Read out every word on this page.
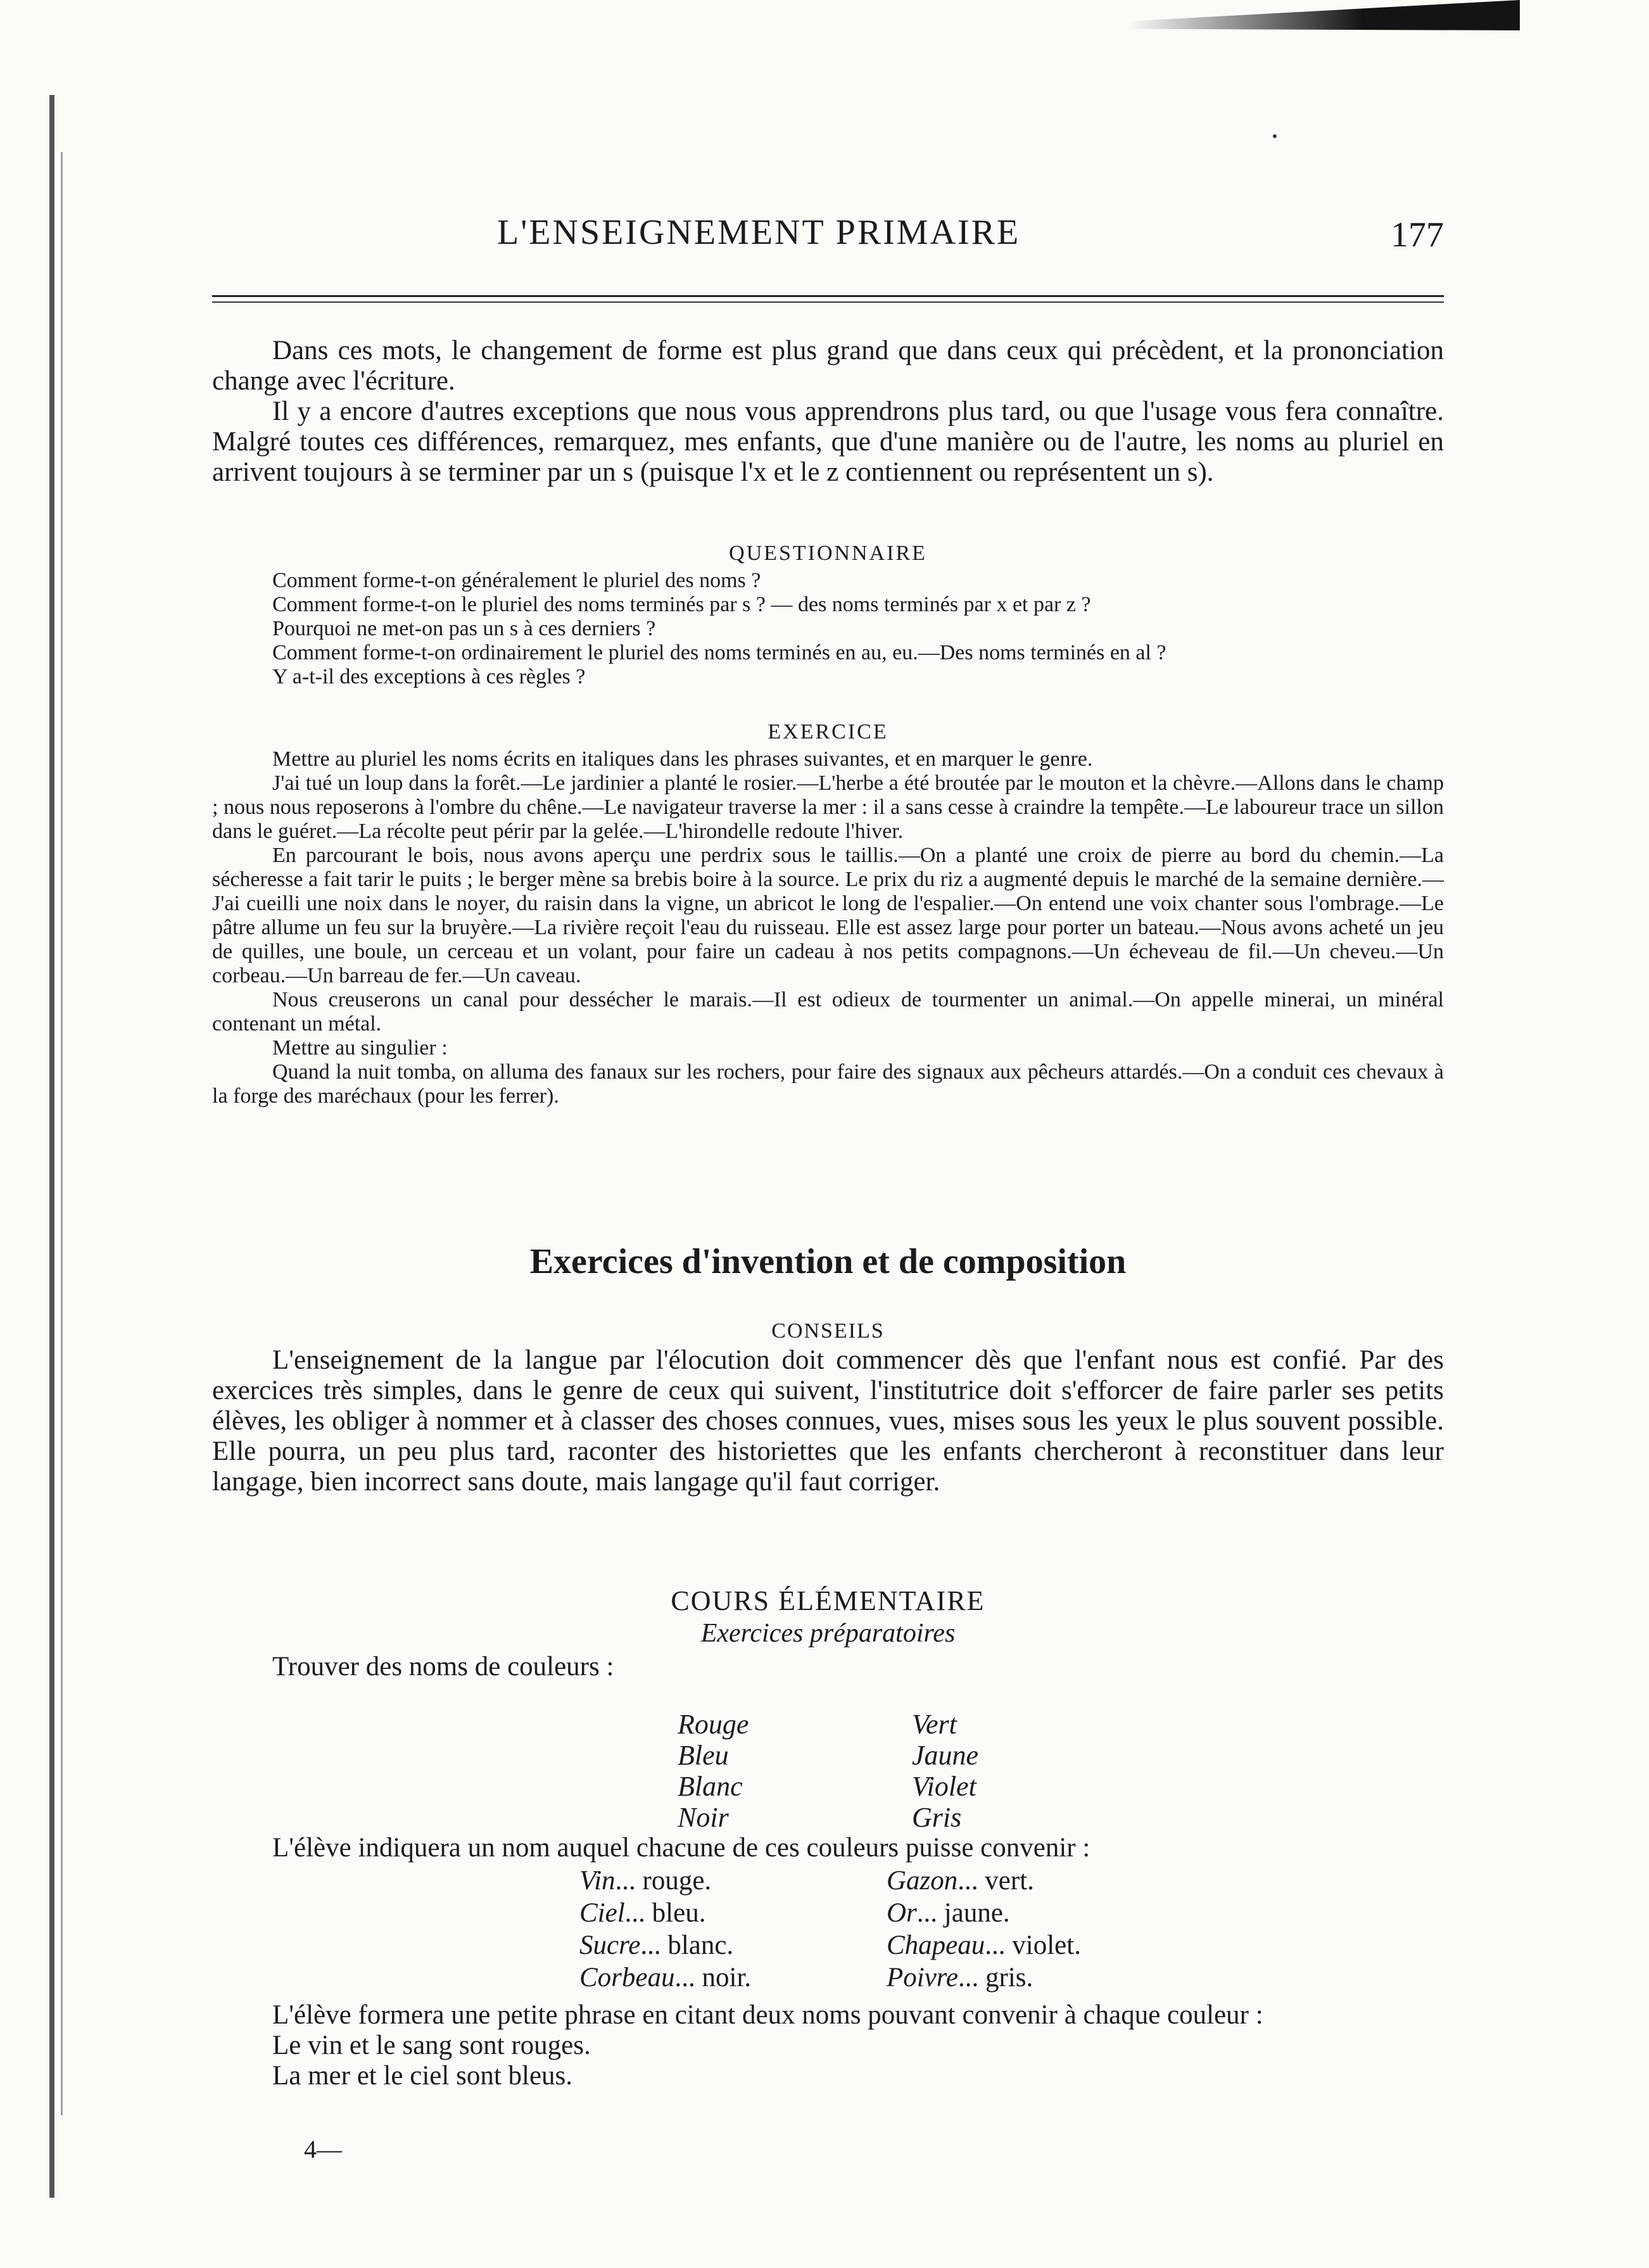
L'ENSEIGNEMENT PRIMAIRE	177

Dans ces mots, le changement de forme est plus grand que dans ceux qui précèdent, et la prononciation change avec l'écriture.

Il y a encore d'autres exceptions que nous vous apprendrons plus tard, ou que l'usage vous fera connaître. Malgré toutes ces différences, remarquez, mes enfants, que d'une manière ou de l'autre, les noms au pluriel en arrivent toujours à se terminer par un s (puisque l'x et le z contiennent ou représentent un s).

QUESTIONNAIRE

Comment forme-t-on généralement le pluriel des noms ?

Comment forme-t-on le pluriel des noms terminés par s ? — des noms terminés par x et par z ?

Pourquoi ne met-on pas un s à ces derniers ?

Comment forme-t-on ordinairement le pluriel des noms terminés en au, eu.—Des noms terminés en al ?

Y a-t-il des exceptions à ces règles ?

EXERCICE

Mettre au pluriel les noms écrits en italiques dans les phrases suivantes, et en marquer le genre.

J'ai tué un loup dans la forêt.—Le jardinier a planté le rosier.—L'herbe a été broutée par le mouton et la chèvre.—Allons dans le champ ; nous nous reposerons à l'ombre du chêne.—Le navigateur traverse la mer : il a sans cesse à craindre la tempête.—Le laboureur trace un sillon dans le guéret.—La récolte peut périr par la gelée.—L'hirondelle redoute l'hiver.

En parcourant le bois, nous avons aperçu une perdrix sous le taillis.—On a planté une croix de pierre au bord du chemin.—La sécheresse a fait tarir le puits ; le berger mène sa brebis boire à la source. Le prix du riz a augmenté depuis le marché de la semaine dernière.—J'ai cueilli une noix dans le noyer, du raisin dans la vigne, un abricot le long de l'espalier.—On entend une voix chanter sous l'ombrage.—Le pâtre allume un feu sur la bruyère.—La rivière reçoit l'eau du ruisseau. Elle est assez large pour porter un bateau.—Nous avons acheté un jeu de quilles, une boule, un cerceau et un volant, pour faire un cadeau à nos petits compagnons.—Un écheveau de fil.—Un cheveu.—Un corbeau.—Un barreau de fer.—Un caveau.

Nous creuserons un canal pour dessécher le marais.—Il est odieux de tourmenter un animal.—On appelle minerai, un minéral contenant un métal.

Mettre au singulier :

Quand la nuit tomba, on alluma des fanaux sur les rochers, pour faire des signaux aux pêcheurs attardés.—On a conduit ces chevaux à la forge des maréchaux (pour les ferrer).

Exercices d'invention et de composition
CONSEILS

L'enseignement de la langue par l'élocution doit commencer dès que l'enfant nous est confié. Par des exercices très simples, dans le genre de ceux qui suivent, l'institutrice doit s'efforcer de faire parler ses petits élèves, les obliger à nommer et à classer des choses connues, vues, mises sous les yeux le plus souvent possible. Elle pourra, un peu plus tard, raconter des historiettes que les enfants chercheront à reconstituer dans leur langage, bien incorrect sans doute, mais langage qu'il faut corriger.

COURS ÉLÉMENTAIRE
Exercices préparatoires

Trouver des noms de couleurs :

Rouge	Vert
Bleu	Jaune
Blanc	Violet
Noir	Gris

L'élève indiquera un nom auquel chacune de ces couleurs puisse convenir :

Vin... rouge.	Gazon... vert.
Ciel... bleu.	Or... jaune.
Sucre... blanc.	Chapeau... violet.
Corbeau... noir.	Poivre... gris.

L'élève formera une petite phrase en citant deux noms pouvant convenir à chaque couleur :

Le vin et le sang sont rouges.

La mer et le ciel sont bleus.

4—
